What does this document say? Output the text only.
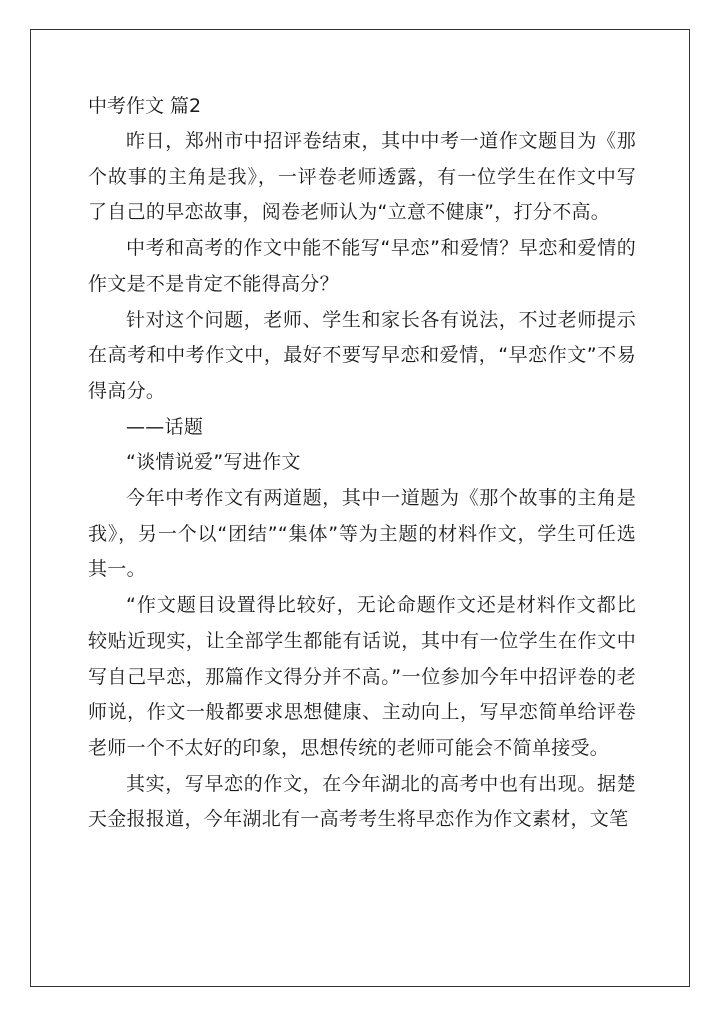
中考作文 篇2

昨日，郑州市中招评卷结束，其中中考一道作文题目为《那个故事的主角是我》，一评卷老师透露，有一位学生在作文中写了自己的早恋故事，阅卷老师认为“立意不健康”，打分不高。

中考和高考的作文中能不能写“早恋”和爱情？早恋和爱情的作文是不是肯定不能得高分？

针对这个问题，老师、学生和家长各有说法，不过老师提示在高考和中考作文中，最好不要写早恋和爱情，“早恋作文”不易得高分。

——话题

“谈情说爱”写进作文

今年中考作文有两道题，其中一道题为《那个故事的主角是我》，另一个以“团结”“集体”等为主题的材料作文，学生可任选其一。

“作文题目设置得比较好，无论命题作文还是材料作文都比较贴近现实，让全部学生都能有话说，其中有一位学生在作文中写自己早恋，那篇作文得分并不高。”一位参加今年中招评卷的老师说，作文一般都要求思想健康、主动向上，写早恋简单给评卷老师一个不太好的印象，思想传统的老师可能会不简单接受。

其实，写早恋的作文，在今年湖北的高考中也有出现。据楚天金报报道，今年湖北有一高考考生将早恋作为作文素材，文笔
